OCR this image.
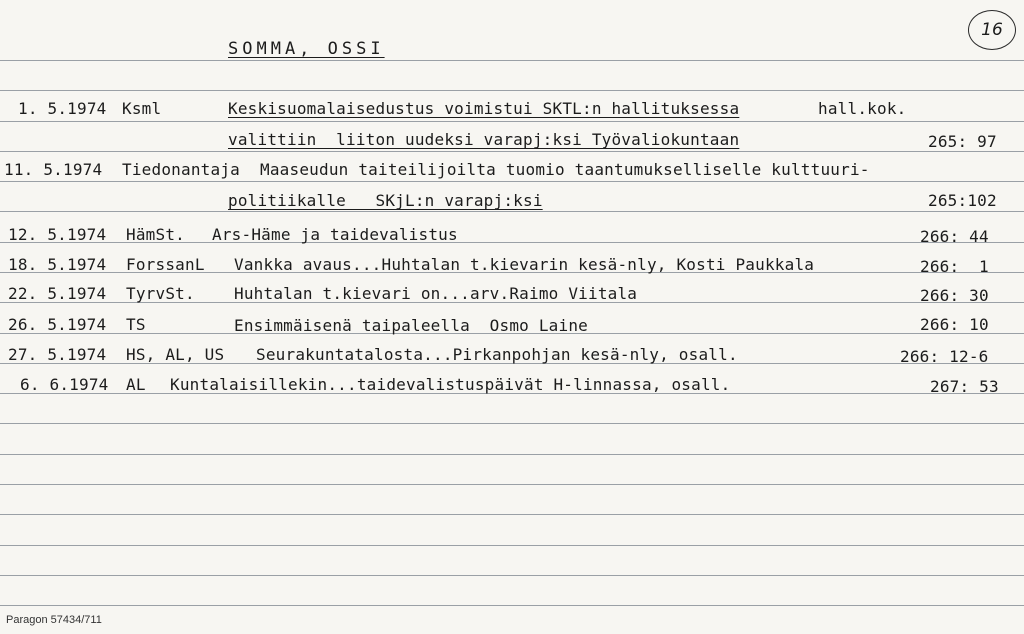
SOMMA, OSSI
16
1. 5.1974 Ksml	Keskisuomalaisedustus voimistui SKTL:n hallituksessa	hall.kok.
valittiin  liiton uudeksi varapj:ksi Työvaliokuntaan	265: 97
11. 5.1974 Tiedonantaja Maaseudun taiteilijoilta tuomio taantumukselliselle kulttuuri-
politiikalle   SKjL:n varapj:ksi	265:102
12. 5.1974 HämSt. Ars-Häme ja taidevalistus	266: 44
18. 5.1974 ForssanL Vankka avaus...Huhtalan t.kievarin kesä-nly, Kosti Paukkala	266:  1
22. 5.1974 TyrvSt. Huhtalan t.kievari on...arv.Raimo Viitala	266: 30
26. 5.1974 TS	Ensimmäisenä taipaleella  Osmo Laine	266: 10
27. 5.1974 HS, AL, US Seurakuntatalosta...Pirkanpohjan kesä-nly, osall.	266: 12-6
6. 6.1974 AL Kuntalaisillekin...taidevalistuspäivät H-linnassa, osall.	267: 53
Paragon 57434/711
